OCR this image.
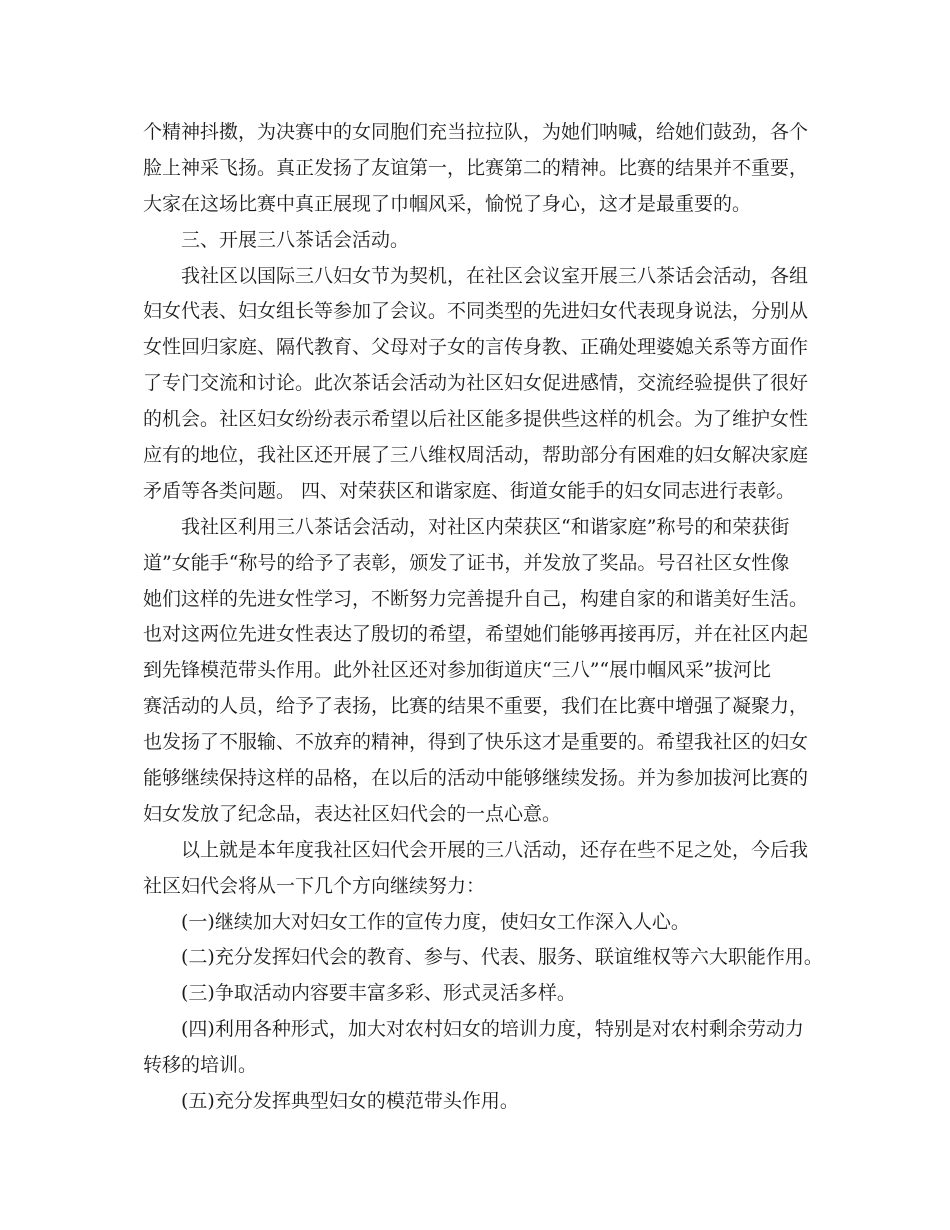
个精神抖擞，为决赛中的女同胞们充当拉拉队，为她们呐喊，给她们鼓劲，各个
脸上神采飞扬。真正发扬了友谊第一，比赛第二的精神。比赛的结果并不重要，
大家在这场比赛中真正展现了巾帼风采，愉悦了身心，这才是最重要的。
三、开展三八茶话会活动。
我社区以国际三八妇女节为契机，在社区会议室开展三八茶话会活动，各组
妇女代表、妇女组长等参加了会议。不同类型的先进妇女代表现身说法，分别从
女性回归家庭、隔代教育、父母对子女的言传身教、正确处理婆媳关系等方面作
了专门交流和讨论。此次茶话会活动为社区妇女促进感情，交流经验提供了很好
的机会。社区妇女纷纷表示希望以后社区能多提供些这样的机会。为了维护女性
应有的地位，我社区还开展了三八维权周活动，帮助部分有困难的妇女解决家庭
矛盾等各类问题。 四、对荣获区和谐家庭、街道女能手的妇女同志进行表彰。
我社区利用三八茶话会活动，对社区内荣获区“和谐家庭”称号的和荣获街
道”女能手“称号的给予了表彰，颁发了证书，并发放了奖品。号召社区女性像
她们这样的先进女性学习，不断努力完善提升自己，构建自家的和谐美好生活。
也对这两位先进女性表达了殷切的希望，希望她们能够再接再厉，并在社区内起
到先锋模范带头作用。此外社区还对参加街道庆“三八”“展巾帼风采”拔河比
赛活动的人员，给予了表扬，比赛的结果不重要，我们在比赛中增强了凝聚力，
也发扬了不服输、不放弃的精神，得到了快乐这才是重要的。希望我社区的妇女
能够继续保持这样的品格，在以后的活动中能够继续发扬。并为参加拔河比赛的
妇女发放了纪念品，表达社区妇代会的一点心意。
以上就是本年度我社区妇代会开展的三八活动，还存在些不足之处，今后我
社区妇代会将从一下几个方向继续努力：
(一)继续加大对妇女工作的宣传力度，使妇女工作深入人心。
(二)充分发挥妇代会的教育、参与、代表、服务、联谊维权等六大职能作用。
(三)争取活动内容要丰富多彩、形式灵活多样。
(四)利用各种形式，加大对农村妇女的培训力度，特别是对农村剩余劳动力
转移的培训。
(五)充分发挥典型妇女的模范带头作用。
